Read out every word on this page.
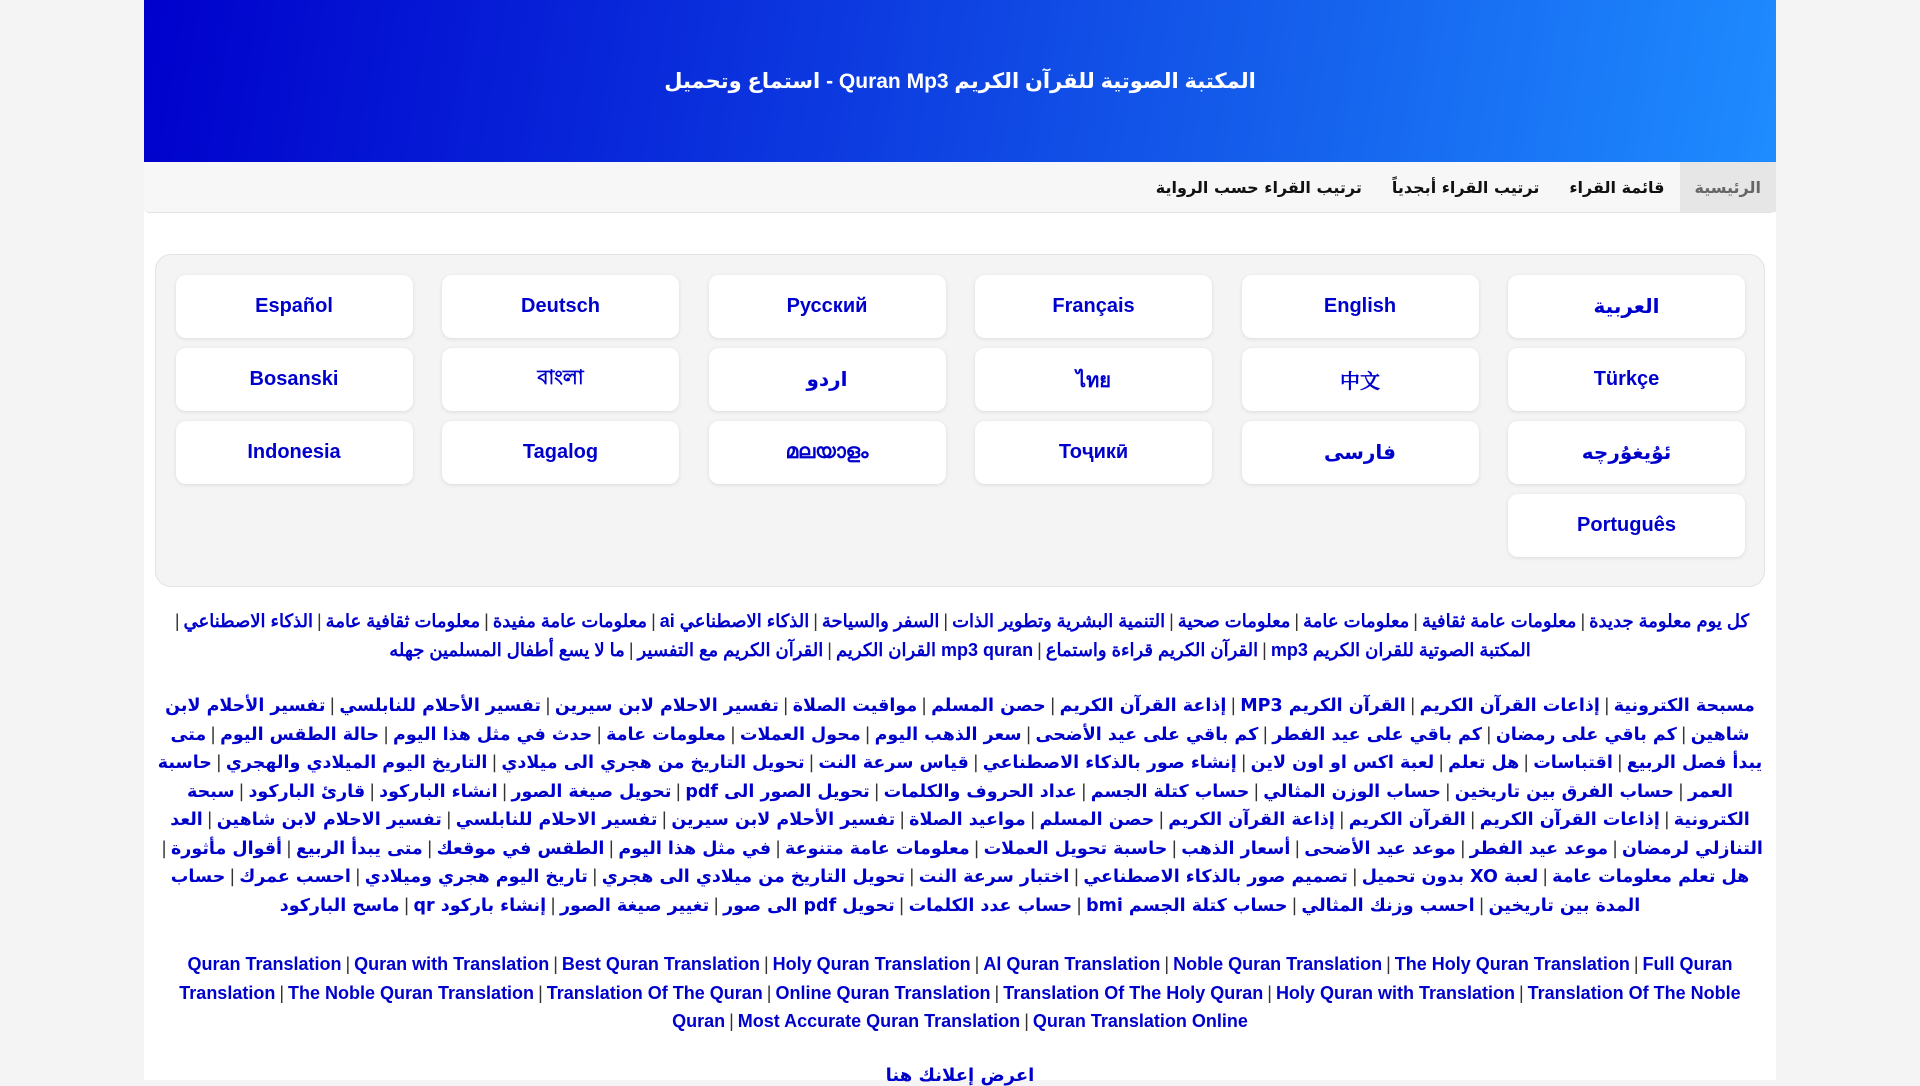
المكتبة الصوتية للقرآن الكريم Quran Mp3 - استماع وتحميل
الرئيسية
قائمة القراء
ترتيب القراء أبجدياً
ترتيب القراء حسب الرواية
العربية
English
Français
Русский
Deutsch
Español
Türkçe
中文
ไทย
اردو
বাংলা
Bosanski
ئۇيغۇرچە
فارسی
Тоҷикӣ
മലയാളം
Tagalog
Indonesia
Português
كل يوم معلومة جديدة|معلومات عامة ثقافية|معلومات عامة|معلومات صحية|التنمية البشرية وتطوير الذات|السفر والسياحة|الذكاء الاصطناعي ai|معلومات عامة مفيدة|معلومات ثقافية عامة|الذكاء الاصطناعي|المكتبة الصوتية للقران الكريم mp3|القرآن الكريم قراءة واستماع|mp3 quran القران الكريم|القرآن الكريم مع التفسير|ما لا يسع أطفال المسلمين جهله
مسبحة الكترونية|إذاعات القرآن الكريم|القرآن الكريم MP3|إذاعة القرآن الكريم|حصن المسلم|مواقيت الصلاة|تفسير الاحلام لابن سيرين|تفسير الأحلام للنابلسي|تفسير الأحلام لابن شاهين|كم باقي على رمضان|كم باقي على عيد الفطر|كم باقي على عيد الأضحى|سعر الذهب اليوم|محول العملات|معلومات عامة|حدث في مثل هذا اليوم|حالة الطقس اليوم|متى يبدأ فصل الربيع|اقتباسات|هل تعلم|لعبة اكس او اون لاين|إنشاء صور بالذكاء الاصطناعي|قياس سرعة النت|تحويل التاريخ من هجري الى ميلادي|التاريخ اليوم الميلادي والهجري|حاسبة العمر|حساب الفرق بين تاريخين|حساب الوزن المثالي|حساب كتلة الجسم|عداد الحروف والكلمات|تحويل الصور الى pdf|تحويل صيغة الصور|انشاء الباركود|قارئ الباركود|سبحة الكترونية|إذاعات القرآن الكريم|القرآن الكريم|إذاعة القرآن الكريم|حصن المسلم|مواعيد الصلاة|تفسير الأحلام لابن سيرين|تفسير الاحلام للنابلسي|تفسير الاحلام لابن شاهين|العد التنازلي لرمضان|موعد عيد الفطر|موعد عيد الأضحى|أسعار الذهب|حاسبة تحويل العملات|معلومات عامة متنوعة|في مثل هذا اليوم|الطقس في موقعك|متى يبدأ الربيع|أقوال مأثورة|هل تعلم معلومات عامة|لعبة XO بدون تحميل|تصميم صور بالذكاء الاصطناعي|اختبار سرعة النت|تحويل التاريخ من ميلادي الى هجري|تاريخ اليوم هجري وميلادي|احسب عمرك|حساب المدة بين تاريخين|احسب وزنك المثالي|حساب كتلة الجسم bmi|حساب عدد الكلمات|تحويل pdf الى صور|تغيير صيغة الصور|إنشاء باركود qr|ماسح الباركود
Quran Translation | Quran with Translation | Best Quran Translation | Holy Quran Translation | Al Quran Translation | Noble Quran Translation | The Holy Quran Translation | Full Quran Translation | The Noble Quran Translation | Translation Of The Quran | Online Quran Translation | Translation Of The Holy Quran | Holy Quran with Translation | Translation Of The Noble Quran | Most Accurate Quran Translation | Quran Translation Online
اعرض إعلانك هنا
